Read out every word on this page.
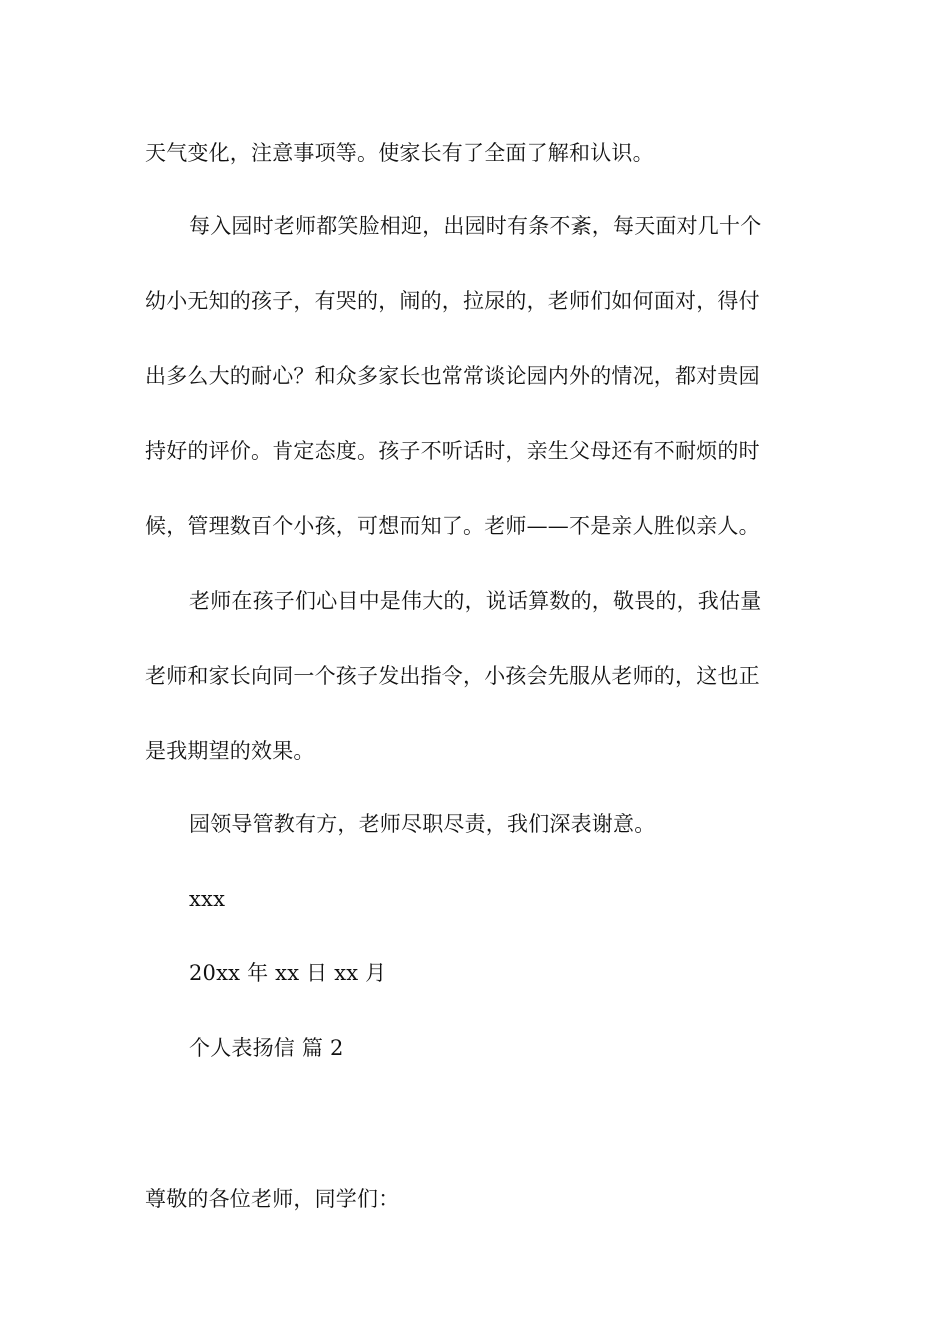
天气变化，注意事项等。使家长有了全面了解和认识。
每入园时老师都笑脸相迎，出园时有条不紊，每天面对几十个
幼小无知的孩子，有哭的，闹的，拉尿的，老师们如何面对，得付
出多么大的耐心？和众多家长也常常谈论园内外的情况，都对贵园
持好的评价。肯定态度。孩子不听话时，亲生父母还有不耐烦的时
候，管理数百个小孩，可想而知了。老师——不是亲人胜似亲人。
老师在孩子们心目中是伟大的，说话算数的，敬畏的，我估量
老师和家长向同一个孩子发出指令，小孩会先服从老师的，这也正
是我期望的效果。
园领导管教有方，老师尽职尽责，我们深表谢意。
xxx
20xx 年 xx 日 xx 月
个人表扬信 篇 2
尊敬的各位老师，同学们：
